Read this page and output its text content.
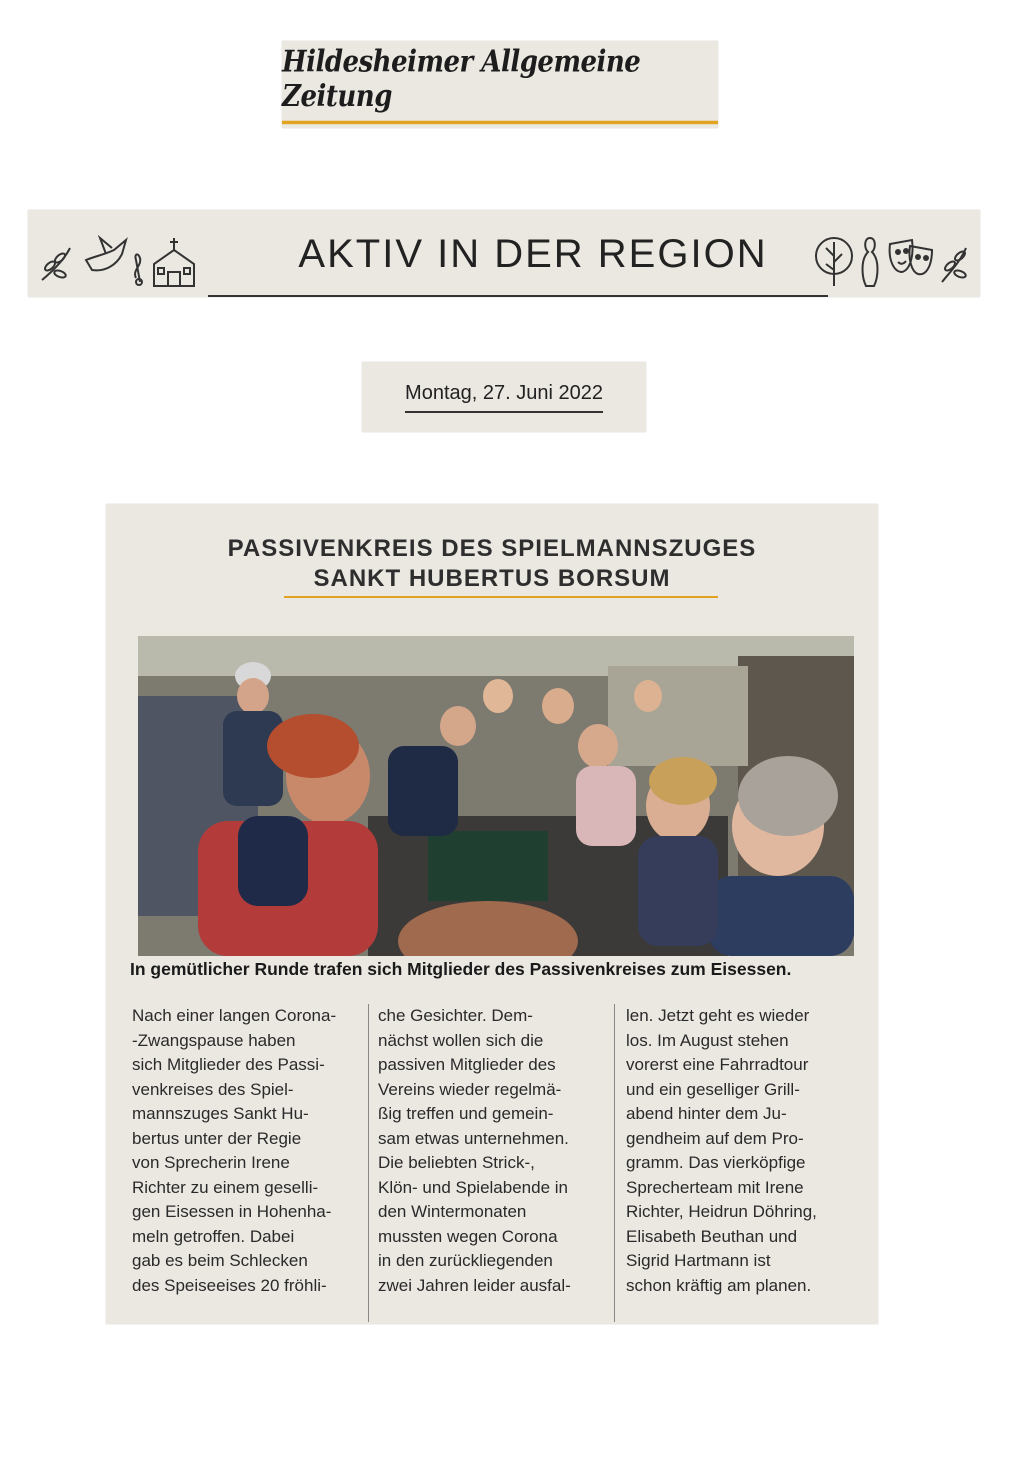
Hildesheimer Allgemeine Zeitung
AKTIV IN DER REGION
Montag, 27. Juni 2022
PASSIVENKREIS DES SPIELMANNSZUGES
SANKT HUBERTUS BORSUM
In gemütlicher Runde trafen sich Mitglieder des Passivenkreises zum Eisessen.
Nach einer langen Corona-
-Zwangspause haben
sich Mitglieder des Passi-
venkreises des Spiel-
mannszuges Sankt Hu-
bertus unter der Regie
von Sprecherin Irene
Richter zu einem geselli-
gen Eisessen in Hohenha-
meln getroffen. Dabei
gab es beim Schlecken
des Speiseeises 20 fröhli-
che Gesichter. Dem-
nächst wollen sich die
passiven Mitglieder des
Vereins wieder regelmä-
ßig treffen und gemein-
sam etwas unternehmen.
Die beliebten Strick-,
Klön- und Spielabende in
den Wintermonaten
mussten wegen Corona
in den zurückliegenden
zwei Jahren leider ausfal-
len. Jetzt geht es wieder
los. Im August stehen
vorerst eine Fahrradtour
und ein geselliger Grill-
abend hinter dem Ju-
gendheim auf dem Pro-
gramm. Das vierköpfige
Sprecherteam mit Irene
Richter, Heidrun Döhring,
Elisabeth Beuthan und
Sigrid Hartmann ist
schon kräftig am planen.
